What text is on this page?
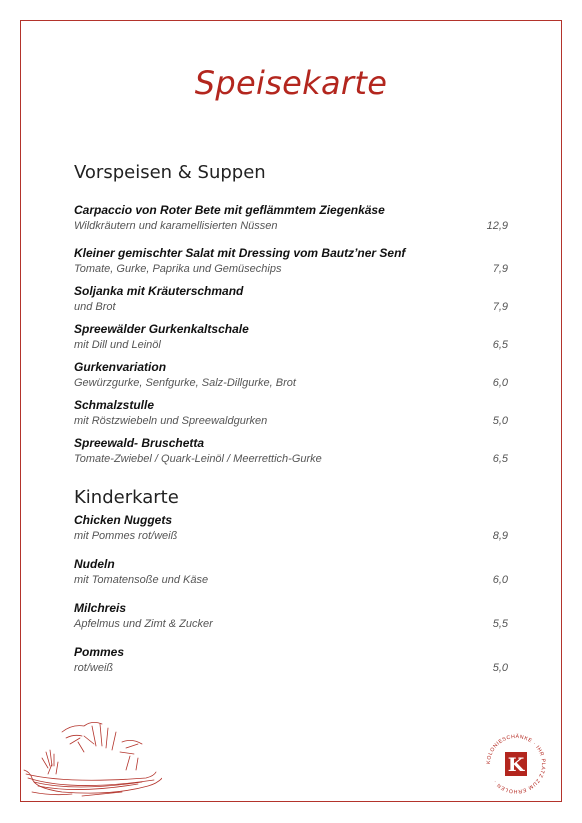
Speisekarte
Vorspeisen & Suppen
Carpaccio von Roter Bete mit geflämmtem Ziegenkäse
Wildkräutern und karamellisierten Nüssen	12,9
Kleiner gemischter Salat mit Dressing vom Bautz’ner Senf
Tomate, Gurke, Paprika und Gemüsechips	7,9
Soljanka mit Kräuterschmand
und Brot	7,9
Spreewälder Gurkenkaltschale
mit Dill und Leinöl	6,5
Gurkenvariation
Gewürzgurke, Senfgurke, Salz-Dillgurke, Brot	6,0
Schmalzstulle
mit Röstzwiebeln und Spreewaldgurken	5,0
Spreewald- Bruschetta
Tomate-Zwiebel / Quark-Leinöl / Meerrettich-Gurke	6,5
Kinderkarte
Chicken Nuggets
mit Pommes rot/weiß	8,9
Nudeln
mit Tomatensoße und Käse	6,0
Milchreis
Apfelmus und Zimt & Zucker	5,5
Pommes
rot/weiß	5,0
KOLONIESCHÄNKE · IHR PLATZ ZUM ERHOLEN ·
K
